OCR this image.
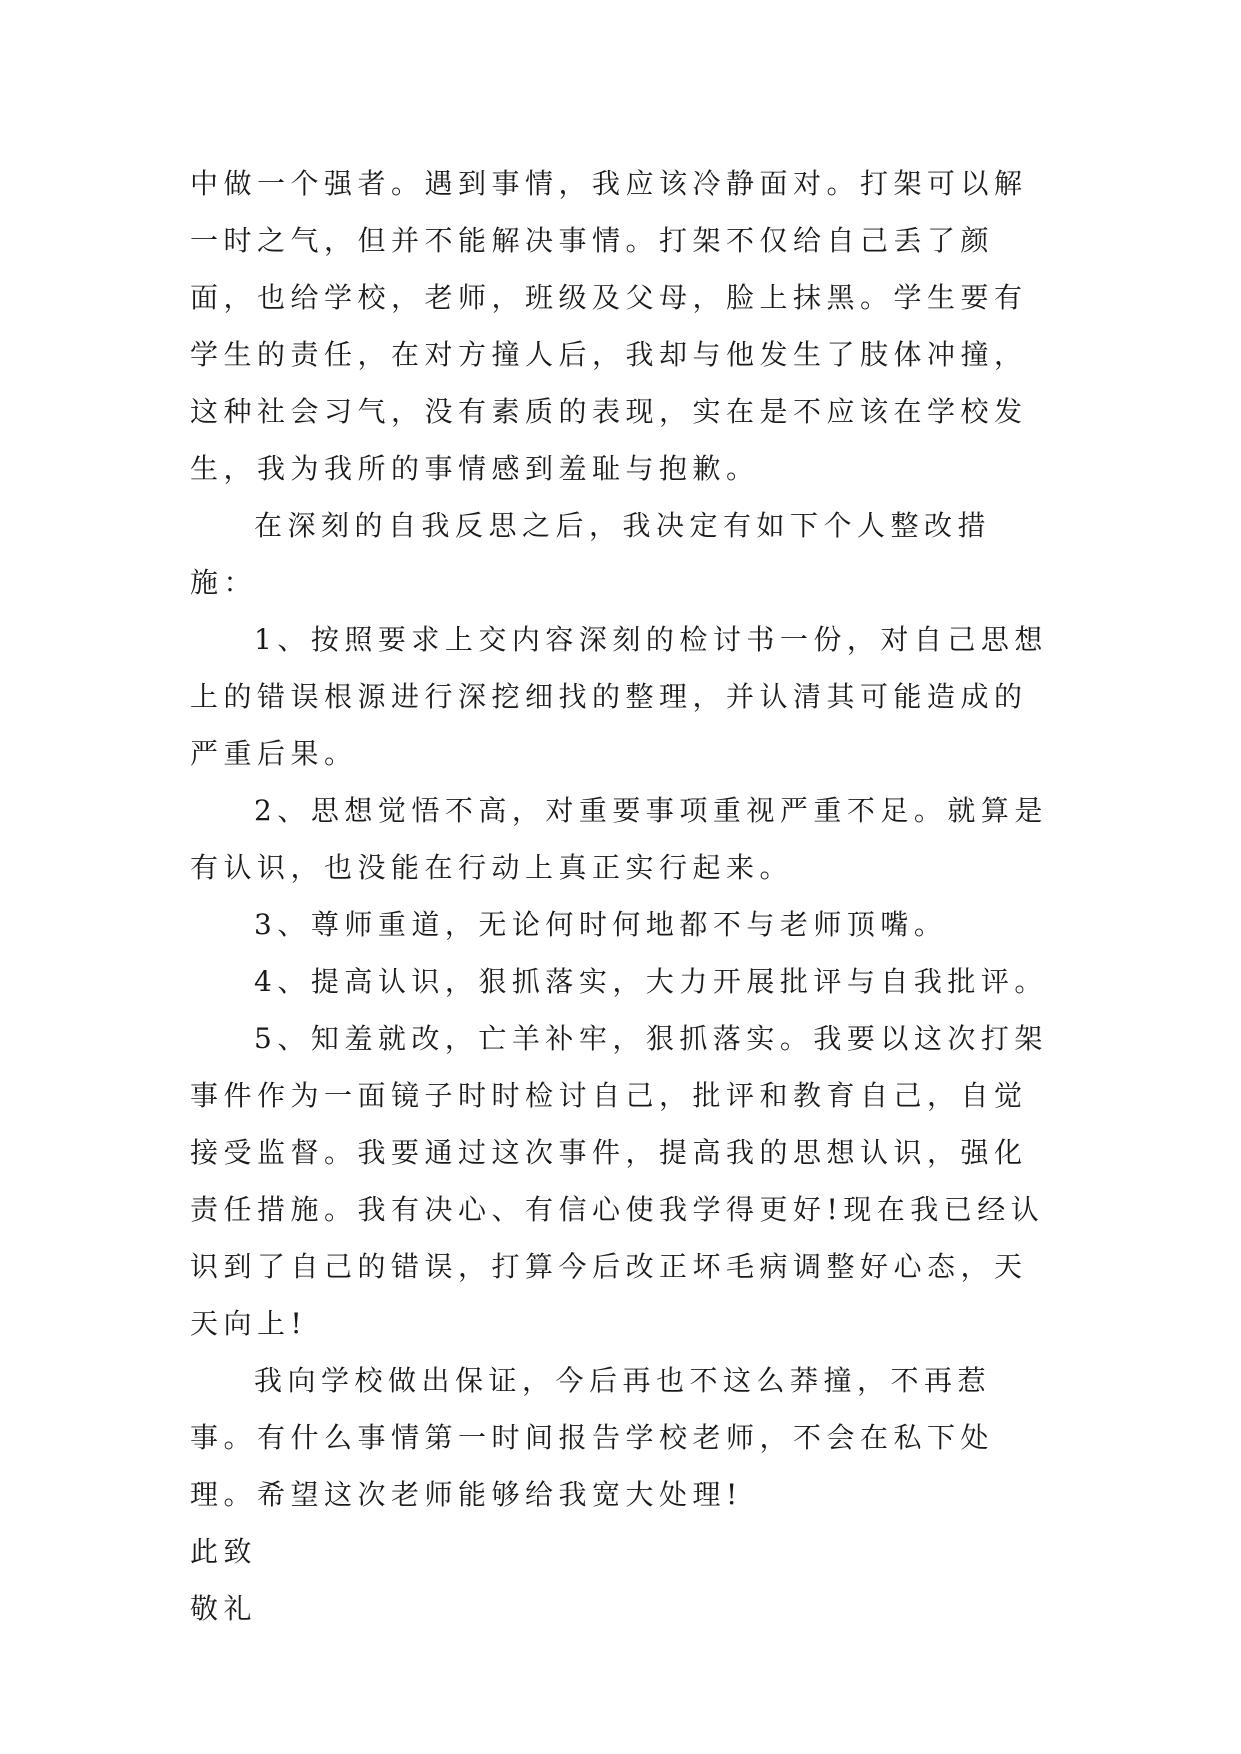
中做一个强者。遇到事情，我应该冷静面对。打架可以解一时之气，但并不能解决事情。打架不仅给自己丢了颜面，也给学校，老师，班级及父母，脸上抹黑。学生要有学生的责任，在对方撞人后，我却与他发生了肢体冲撞，这种社会习气，没有素质的表现，实在是不应该在学校发生，我为我所的事情感到羞耻与抱歉。

在深刻的自我反思之后，我决定有如下个人整改措施：

1、按照要求上交内容深刻的检讨书一份，对自己思想上的错误根源进行深挖细找的整理，并认清其可能造成的严重后果。

2、思想觉悟不高，对重要事项重视严重不足。就算是有认识，也没能在行动上真正实行起来。

3、尊师重道，无论何时何地都不与老师顶嘴。

4、提高认识，狠抓落实，大力开展批评与自我批评。

5、知羞就改，亡羊补牢，狠抓落实。我要以这次打架事件作为一面镜子时时检讨自己，批评和教育自己，自觉接受监督。我要通过这次事件，提高我的思想认识，强化责任措施。我有决心、有信心使我学得更好!现在我已经认识到了自己的错误，打算今后改正坏毛病调整好心态，天天向上!

我向学校做出保证，今后再也不这么莽撞，不再惹事。有什么事情第一时间报告学校老师，不会在私下处理。希望这次老师能够给我宽大处理!

此致

敬礼
